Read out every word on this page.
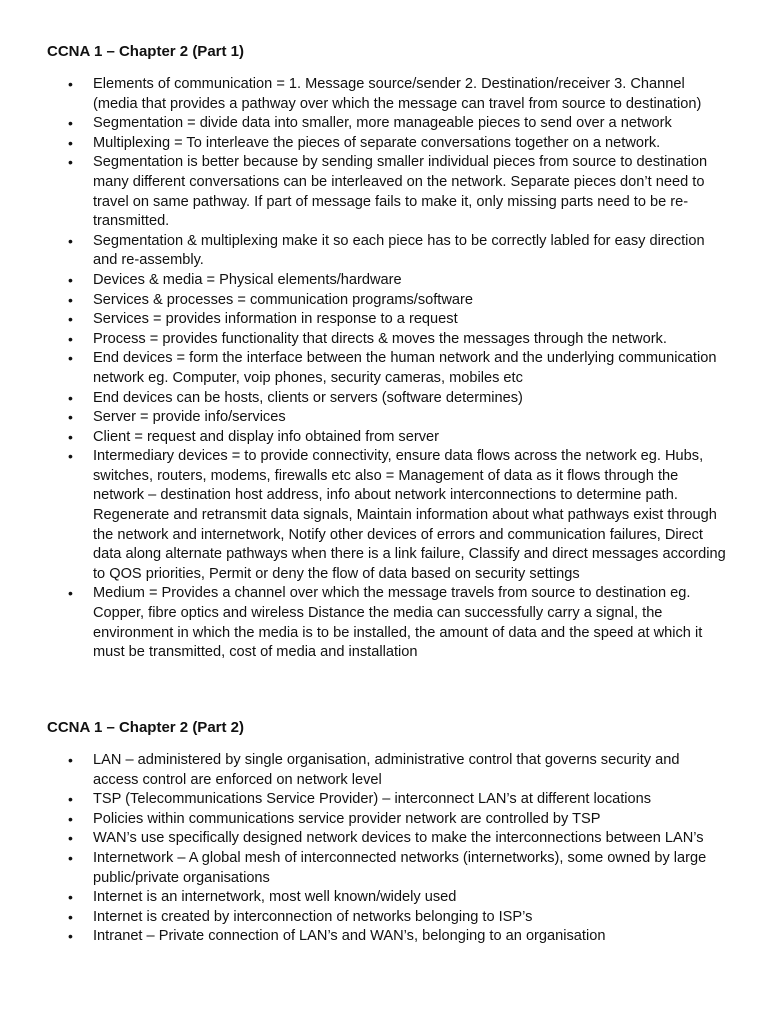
CCNA 1 – Chapter 2 (Part 1)
• Elements of communication = 1. Message source/sender 2. Destination/receiver 3. Channel (media that provides a pathway over which the message can travel from source to destination)
• Segmentation = divide data into smaller, more manageable pieces to send over a network
• Multiplexing = To interleave the pieces of separate conversations together on a network.
• Segmentation is better because by sending smaller individual pieces from source to destination many different conversations can be interleaved on the network. Separate pieces don’t need to travel on same pathway. If part of message fails to make it, only missing parts need to be re-transmitted.
• Segmentation & multiplexing make it so each piece has to be correctly labled for easy direction and re-assembly.
• Devices & media = Physical elements/hardware
• Services & processes = communication programs/software
• Services = provides information in response to a request
• Process = provides functionality that directs & moves the messages through the network.
• End devices = form the interface between the human network and the underlying communication network eg. Computer, voip phones, security cameras, mobiles etc
• End devices can be hosts, clients or servers (software determines)
• Server = provide info/services
• Client = request and display info obtained from server
• Intermediary devices = to provide connectivity, ensure data flows across the network eg. Hubs, switches, routers, modems, firewalls etc also = Management of data as it flows through the network – destination host address, info about network interconnections to determine path. Regenerate and retransmit data signals, Maintain information about what pathways exist through the network and internetwork, Notify other devices of errors and communication failures, Direct data along alternate pathways when there is a link failure, Classify and direct messages according to QOS priorities, Permit or deny the flow of data based on security settings
• Medium = Provides a channel over which the message travels from source to destination eg. Copper, fibre optics and wireless Distance the media can successfully carry a signal, the environment in which the media is to be installed, the amount of data and the speed at which it must be transmitted, cost of media and installation
CCNA 1 – Chapter 2 (Part 2)
• LAN – administered by single organisation, administrative control that governs security and access control are enforced on network level
• TSP (Telecommunications Service Provider) – interconnect LAN’s at different locations
• Policies within communications service provider network are controlled by TSP
• WAN’s use specifically designed network devices to make the interconnections between LAN’s
• Internetwork – A global mesh of interconnected networks (internetworks), some owned by large public/private organisations
• Internet is an internetwork, most well known/widely used
• Internet is created by interconnection of networks belonging to ISP’s
• Intranet – Private connection of LAN’s and WAN’s, belonging to an organisation
